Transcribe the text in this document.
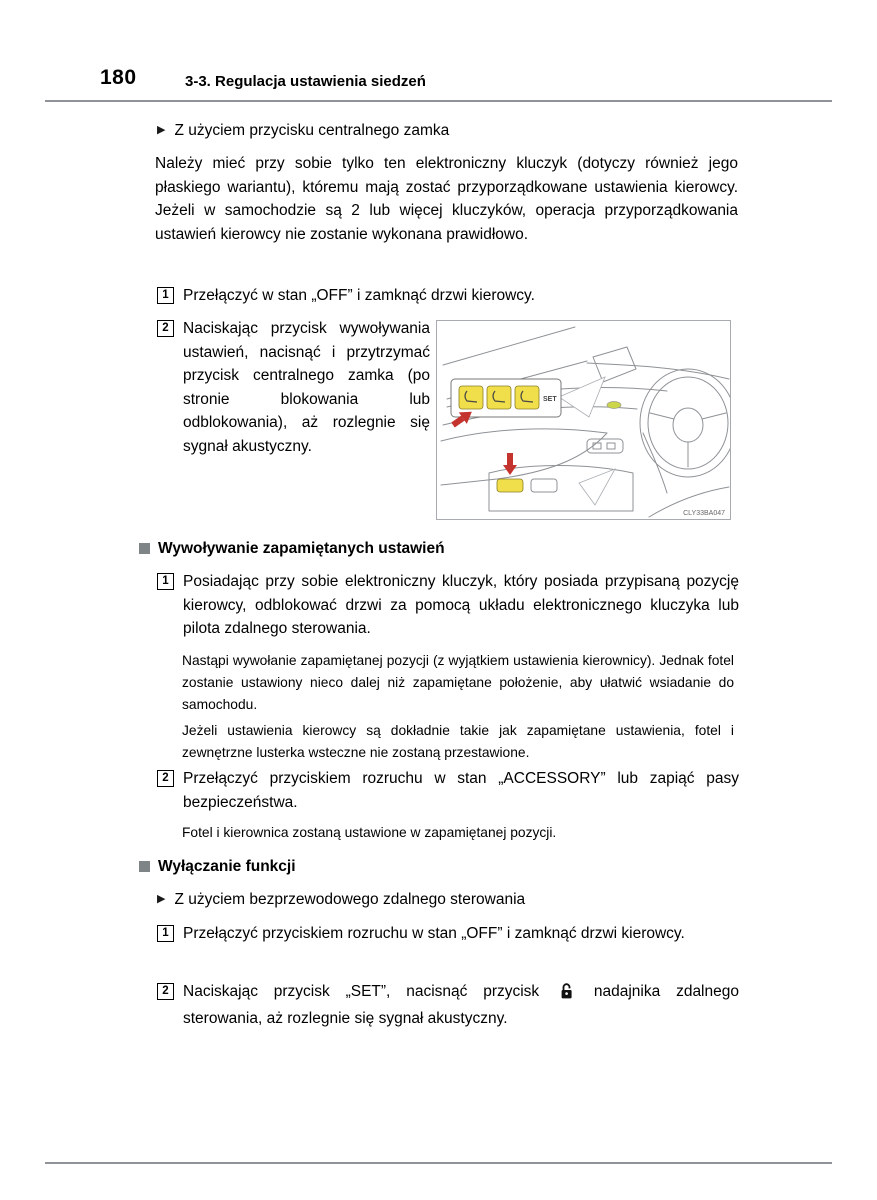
180	3-3. Regulacja ustawienia siedzeń
▶ Z użyciem przycisku centralnego zamka
Należy mieć przy sobie tylko ten elektroniczny kluczyk (dotyczy również jego płaskiego wariantu), któremu mają zostać przyporządkowane ustawienia kierowcy. Jeżeli w samochodzie są 2 lub więcej kluczyków, operacja przyporządkowania ustawień kierowcy nie zostanie wykonana prawidłowo.
1 Przełączyć w stan „OFF” i zamknąć drzwi kierowcy.
2 Naciskając przycisk wywoływania ustawień, nacisnąć i przytrzymać przycisk centralnego zamka (po stronie blokowania lub odblokowania), aż rozlegnie się sygnał akustyczny.
SET
CLY33BA047
Wywoływanie zapamiętanych ustawień
1 Posiadając przy sobie elektroniczny kluczyk, który posiada przypisaną pozycję kierowcy, odblokować drzwi za pomocą układu elektronicznego kluczyka lub pilota zdalnego sterowania.
Nastąpi wywołanie zapamiętanej pozycji (z wyjątkiem ustawienia kierownicy). Jednak fotel zostanie ustawiony nieco dalej niż zapamiętane położenie, aby ułatwić wsiadanie do samochodu.
Jeżeli ustawienia kierowcy są dokładnie takie jak zapamiętane ustawienia, fotel i zewnętrzne lusterka wsteczne nie zostaną przestawione.
2 Przełączyć przyciskiem rozruchu w stan „ACCESSORY” lub zapiąć pasy bezpieczeństwa.
Fotel i kierownica zostaną ustawione w zapamiętanej pozycji.
Wyłączanie funkcji
▶ Z użyciem bezprzewodowego zdalnego sterowania
1 Przełączyć przyciskiem rozruchu w stan „OFF” i zamknąć drzwi kierowcy.
2 Naciskając przycisk „SET”, nacisnąć przycisk	nadajnika zdalnego sterowania, aż rozlegnie się sygnał akustyczny.
